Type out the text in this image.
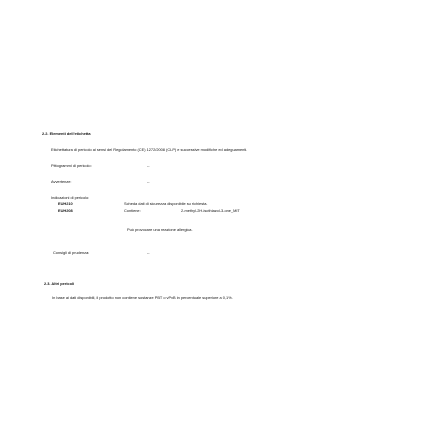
2.2. Elementi dell'etichetta
Etichettatura di pericolo ai sensi del Regolamento (CE) 1272/2008 (CLP) e successive modifiche ed adeguamenti.
Pittogrammi di pericolo:	--
Avvertenze:	--
Indicazioni di pericolo:
EUH210	Scheda dati di sicurezza disponibile su richiesta.
EUH208	Contiene:	2-methyl-2H-isothiazol-3-one_MIT
Può provocare una reazione allergica.
Consigli di prudenza:	--
2.3. Altri pericoli
In base ai dati disponibili, il prodotto non contiene sostanze PBT o vPvB in percentuale superiore a 0,1%.
